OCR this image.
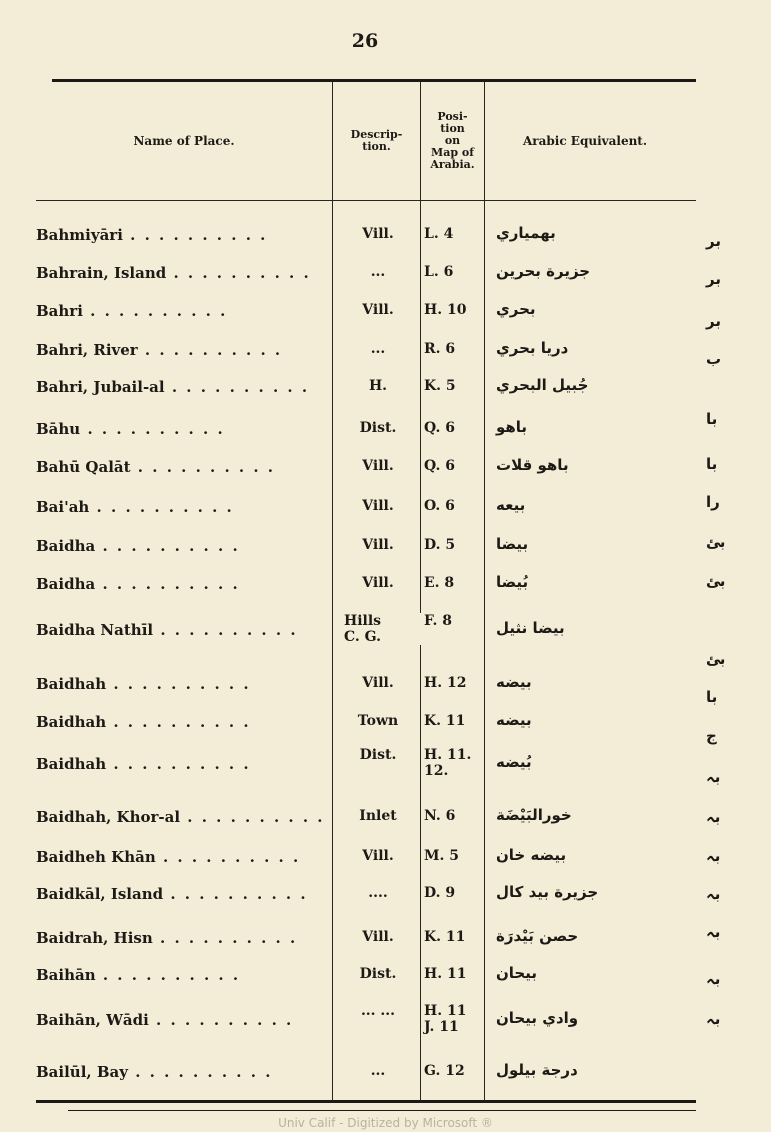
26
Name of Place.	Descrip-
tion.
Posi-
tion
on
Map of
Arabia.
Arabic Equivalent.
Bahmiyāri .	Vill.	L. 4	بهمياري
Bahrain, Island .	...	L. 6	جزيرة بحرين
Bahri .	Vill.	H. 10	بحري
Bahri, River .	...	R. 6	دريا بحري
Bahri, Jubail-al .	H.	K. 5	جُبيل البحري
Bāhu .	Dist.	Q. 6	باهو
Bahū Qalāt .	Vill.	Q. 6	باهو قلات
Bai'ah .	Vill.	O. 6	بيعه
Baidha .	Vill.	D. 5	بيضا
Baidha .	Vill.	E. 8	بُيضا
Baidha Nathīl .	Hills
C. G.
F. 8	بيضا نثيل
Baidhah .	Vill.	H. 12	بيضه
Baidhah .	Town	K. 11	بيضه
Baidhah .	Dist.	H. 11.
12.	بُيضه
Baidhah, Khor-al .	Inlet	N. 6	خورالبَيْضَة
Baidheh Khān .	Vill.	M. 5	بيضه خان
Baidkāl, Island .	....	D. 9	جزيرة بيد كال
Baidrah, Hisn .	Vill.	K. 11	حصن بَيْدرَة
Baihān .	Dist.	H. 11	بيحان
Baihān, Wādi .	... ...	H. 11
J. 11	وادي بيحان
Bailūl, Bay .	...	G. 12	درجة بيلول
Univ Calif - Digitized by Microsoft ®
بر
بر
بر
ب
با
با
را
بئ
بئ
بئ
با
ج
بہ
بہ
بہ
بہ
بہ
بہ
بہ
